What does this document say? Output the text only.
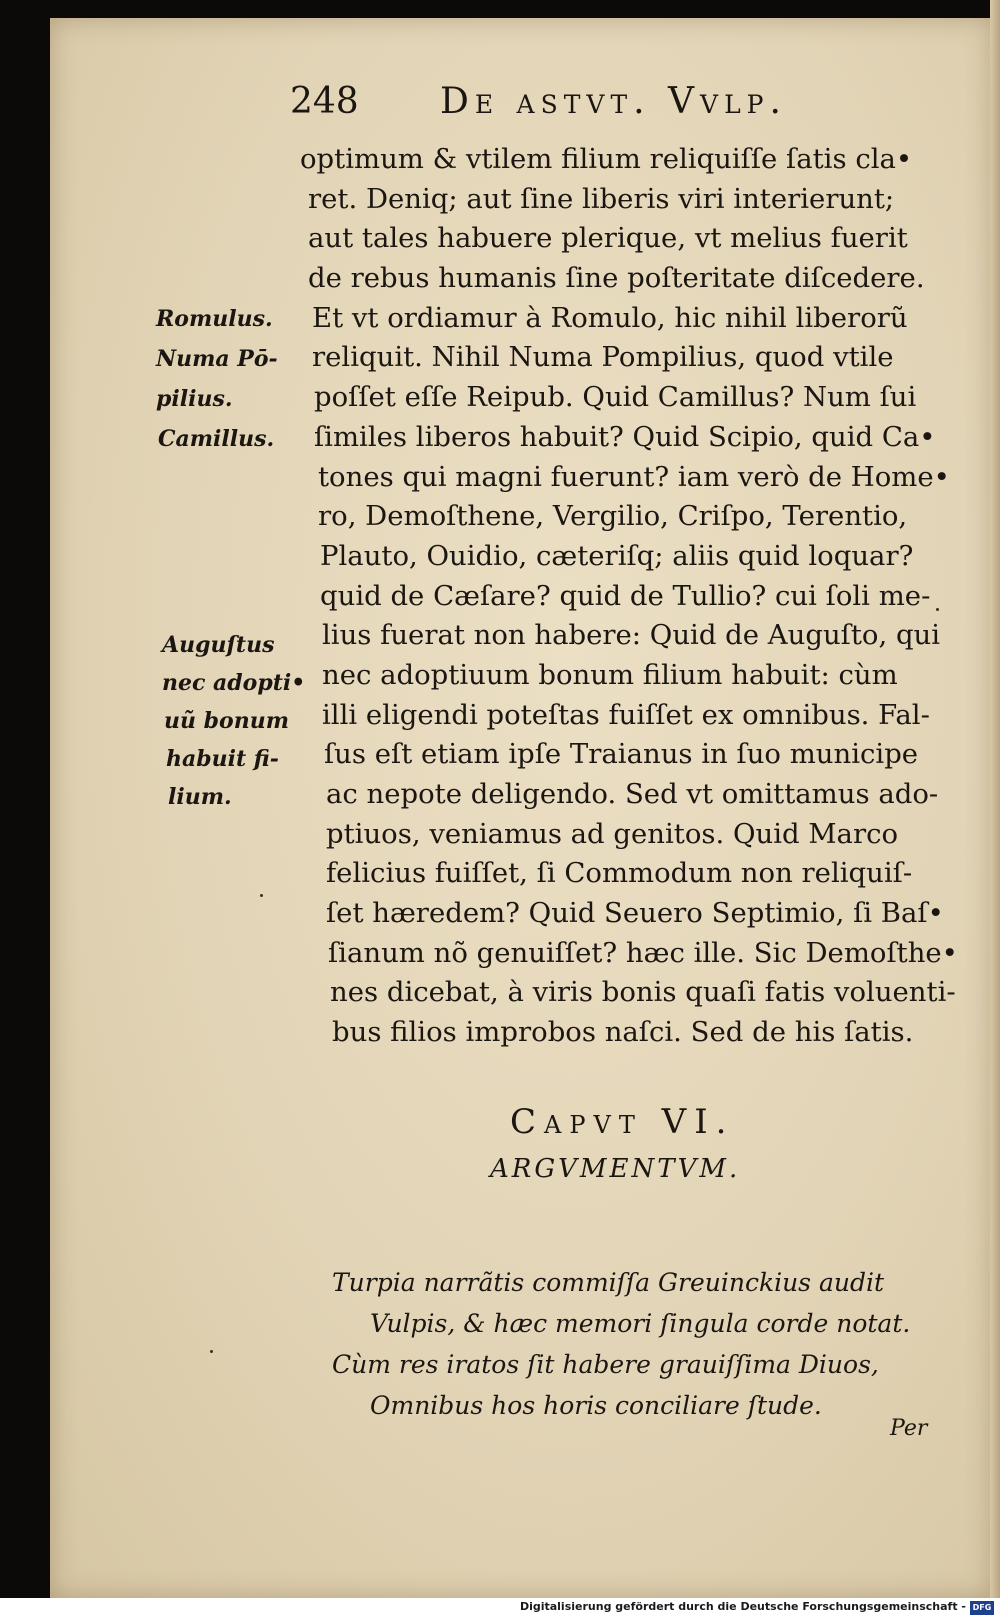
248 De astvt. Vvlp.
optimum & vtilem filium reliquiſſe ſatis cla•
ret. Deniq; aut ſine liberis viri interierunt;
aut tales habuere plerique, vt melius fuerit
de rebus humanis ſine poſteritate diſcedere.
Et vt ordiamur à Romulo, hic nihil liberorũ
reliquit. Nihil Numa Pompilius, quod vtile
poſſet eſſe Reipub. Quid Camillus? Num ſui
ſimiles liberos habuit? Quid Scipio, quid Ca•
tones qui magni fuerunt? iam verò de Home•
ro, Demoſthene, Vergilio, Criſpo, Terentio,
Plauto, Ouidio, cæteriſq; aliis quid loquar?
quid de Cæſare? quid de Tullio? cui ſoli me-
lius fuerat non habere: Quid de Auguſto, qui
nec adoptiuum bonum filium habuit: cùm
illi eligendi poteſtas fuiſſet ex omnibus. Fal-
ſus eſt etiam ipſe Traianus in ſuo municipe
ac nepote deligendo. Sed vt omittamus ado-
ptiuos, veniamus ad genitos. Quid Marco
felicius fuiſſet, ſi Commodum non reliquiſ-
ſet hæredem? Quid Seuero Septimio, ſi Baſ•
ſianum nõ genuiſſet? hæc ille. Sic Demoſthe•
nes dicebat, à viris bonis quaſi fatis voluenti-
bus filios improbos naſci. Sed de his ſatis.
Romulus.
Numa Pō-
pilius.
Camillus.
Auguſtus
nec adopti•
uũ bonum
habuit fi-
lium.
Capvt VI.
ARGVMENTVM.
Turpia narrãtis commiſſa Greuinckius audit
Vulpis, & hæc memori ſingula corde notat.
Cùm res iratos ſit habere grauiſſima Diuos,
Omnibus hos horis conciliare ſtude.
Per
Digitalisierung gefördert durch die Deutsche Forschungsgemeinschaft - DFG
